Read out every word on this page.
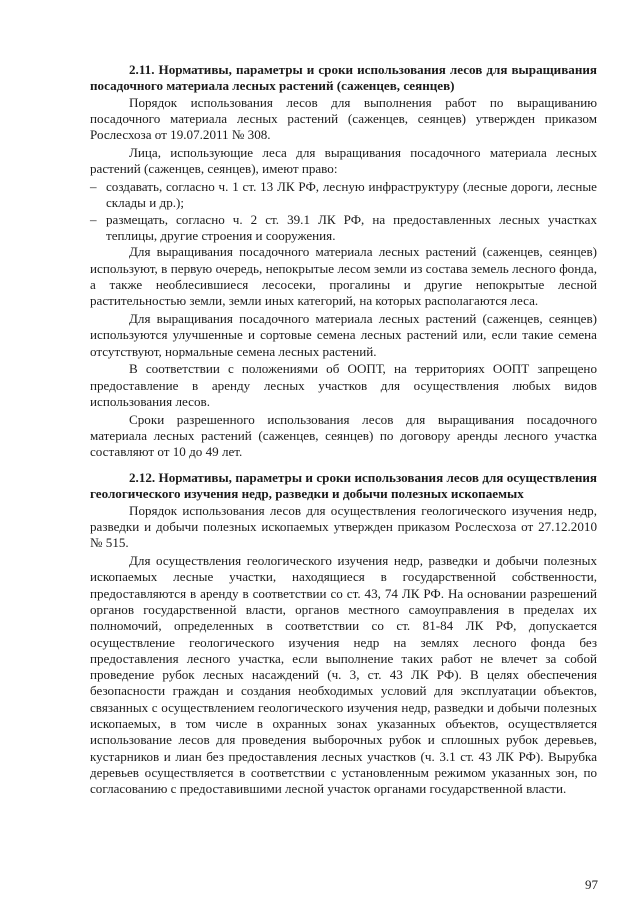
2.11. Нормативы, параметры и сроки использования лесов для выращивания посадочного материала лесных растений (саженцев, сеянцев)

Порядок использования лесов для выполнения работ по выращиванию посадочного материала лесных растений (саженцев, сеянцев) утвержден приказом Рослесхоза от 19.07.2011 № 308.

Лица, использующие леса для выращивания посадочного материала лесных растений (саженцев, сеянцев), имеют право:

– создавать, согласно ч. 1 ст. 13 ЛК РФ, лесную инфраструктуру (лесные дороги, лесные склады и др.);

– размещать, согласно ч. 2 ст. 39.1 ЛК РФ, на предоставленных лесных участках теплицы, другие строения и сооружения.

Для выращивания посадочного материала лесных растений (саженцев, сеянцев) используют, в первую очередь, непокрытые лесом земли из состава земель лесного фонда, а также необлесившиеся лесосеки, прогалины и другие непокрытые лесной растительностью земли, земли иных категорий, на которых располагаются леса.

Для выращивания посадочного материала лесных растений (саженцев, сеянцев) используются улучшенные и сортовые семена лесных растений или, если такие семена отсутствуют, нормальные семена лесных растений.

В соответствии с положениями об ООПТ, на территориях ООПТ запрещено предоставление в аренду лесных участков для осуществления любых видов использования лесов.

Сроки разрешенного использования лесов для выращивания посадочного материала лесных растений (саженцев, сеянцев) по договору аренды лесного участка составляют от 10 до 49 лет.

2.12. Нормативы, параметры и сроки использования лесов для осуществления геологического изучения недр, разведки и добычи полезных ископаемых

Порядок использования лесов для осуществления геологического изучения недр, разведки и добычи полезных ископаемых утвержден приказом Рослесхоза от 27.12.2010 № 515.

Для осуществления геологического изучения недр, разведки и добычи полезных ископаемых лесные участки, находящиеся в государственной собственности, предоставляются в аренду в соответствии со ст. 43, 74 ЛК РФ. На основании разрешений органов государственной власти, органов местного самоуправления в пределах их полномочий, определенных в соответствии со ст. 81-84 ЛК РФ, допускается осуществление геологического изучения недр на землях лесного фонда без предоставления лесного участка, если выполнение таких работ не влечет за собой проведение рубок лесных насаждений (ч. 3, ст. 43 ЛК РФ). В целях обеспечения безопасности граждан и создания необходимых условий для эксплуатации объектов, связанных с осуществлением геологического изучения недр, разведки и добычи полезных ископаемых, в том числе в охранных зонах указанных объектов, осуществляется использование лесов для проведения выборочных рубок и сплошных рубок деревьев, кустарников и лиан без предоставления лесных участков (ч. 3.1 ст. 43 ЛК РФ). Вырубка деревьев осуществляется в соответствии с установленным режимом указанных зон, по согласованию с предоставившими лесной участок органами государственной власти.

97
